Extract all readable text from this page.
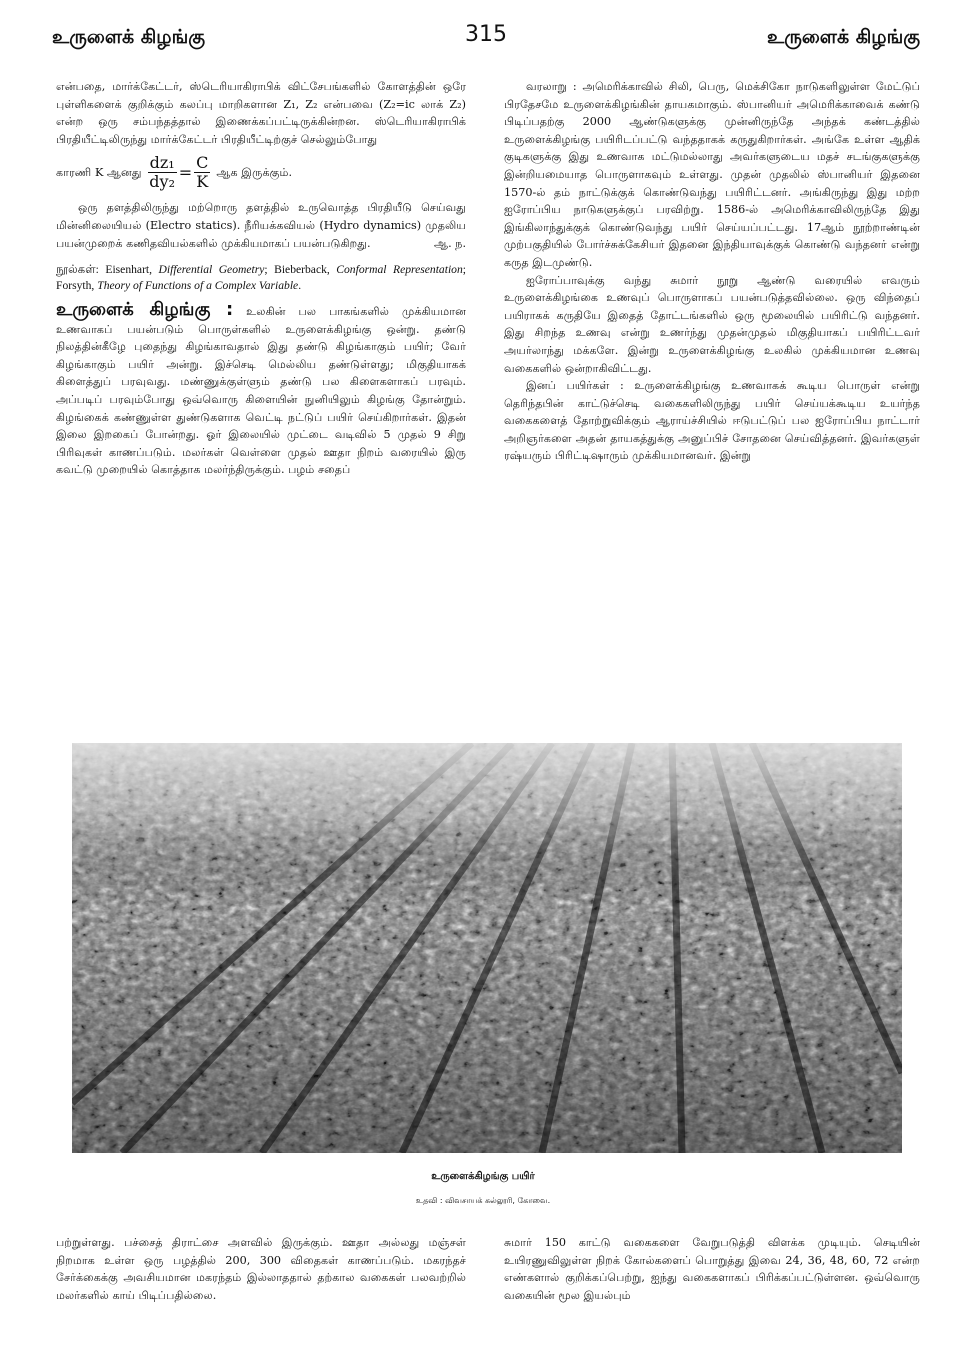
உருளைக் கிழங்கு	315	உருளைக் கிழங்கு

என்பதை, மார்க்கேட்டர், ஸ்டெரியாகிராபிக் விட்சேபங்களில் கோளத்தின் ஒரே புள்ளிகளைக் குறிக்கும் கலப்பு மாறிகளான Z₁, Z₂ என்பவை (Z₂=ic லாக் Z₂) என்ற ஒரு சம்பந்தத்தால் இணைக்கப்பட்டிருக்கின்றன. ஸ்டெரியாகிராபிக் பிரதியீட்டிலிருந்து மார்க்கேட்டர் பிரதியீட்டிற்குச் செல்லும்போது

காரணி K ஆனது $\frac{\text{dz₁}}{\text{dy₂}} = \frac{C}{K}$ ஆக இருக்கும்.

ஒரு தளத்திலிருந்து மற்றொரு தளத்தில் உருவொத்த பிரதியீடு செய்வது மின்னிலையியல் (Electro statics). நீரியக்கவியல் (Hydro dynamics) முதலிய பயன்முறைக் கணிதவியல்களில் முக்கியமாகப் பயன்படுகிறது.	ஆ. ந.

நூல்கள்: Eisenhart, Differential Geometry; Bieberback, Conformal Representation; Forsyth, Theory of Functions of a Complex Variable.

உருளைக் கிழங்கு : உலகின் பல பாகங்களில் முக்கியமான உணவாகப் பயன்படும் பொருள்களில் உருளைக்கிழங்கு ஒன்று. தண்டு நிலத்தின்கீழே புதைந்து கிழங்காவதால் இது தண்டு கிழங்காகும் பயிர்; வேர் கிழங்காகும் பயிர் அன்று. இச்செடி மெல்லிய தண்டுள்ளது; மிகுதியாகக் கிளைத்துப் பரவுவது. மண்ணுக்குள்ளும் தண்டு பல கிளைகளாகப் பரவும். அப்படிப் பரவும்போது ஒவ்வொரு கிளையின் நுனியிலும் கிழங்கு தோன்றும். கிழங்கைக் கண்ணுள்ள துண்டுகளாக வெட்டி நட்டுப் பயிர் செய்கிறார்கள். இதன் இலை இறகைப் போன்றது. ஓர் இலையில் முட்டை வடிவில் 5 முதல் 9 சிறு பிரிவுகள் காணப்படும். மலர்கள் வெள்ளை முதல் ஊதா நிறம் வரையில் இரு கவட்டு முறையில் கொத்தாக மலர்ந்திருக்கும். பழம் சதைப்

வரலாறு : அமெரிக்காவில் சிலி, பெரு, மெக்சிகோ நாடுகளிலுள்ள மேட்டுப் பிரதேசமே உருளைக்கிழங்கின் தாயகமாகும். ஸ்பானியர் அமெரிக்காவைக் கண்டு பிடிப்பதற்கு 2000 ஆண்டுகளுக்கு முன்னிருந்தே அந்தக் கண்டத்தில் உருளைக்கிழங்கு பயிரிடப்பட்டு வந்ததாகக் கருதுகிறார்கள். அங்கே உள்ள ஆதிக் குடிகளுக்கு இது உணவாக மட்டுமல்லாது அவர்களுடைய மதச் சடங்குகளுக்கு இன்றியமையாத பொருளாகவும் உள்ளது. முதன் முதலில் ஸ்பானியர் இதனை 1570-ல் தம் நாட்டுக்குக் கொண்டுவந்து பயிரிட்டனர். அங்கிருந்து இது மற்ற ஐரோப்பிய நாடுகளுக்குப் பரவிற்று. 1586-ல் அமெரிக்காவிலிருந்தே இது இங்கிலாந்துக்குக் கொண்டுவந்து பயிர் செய்யப்பட்டது. 17ஆம் நூற்றாண்டின் முற்பகுதியில் போர்ச்சுக்கேசியர் இதனை இந்தியாவுக்குக் கொண்டு வந்தனர் என்று கருத இடமுண்டு.

ஐரோப்பாவுக்கு வந்து சுமார் நூறு ஆண்டு வரையில் எவரும் உருளைக்கிழங்கை உணவுப் பொருளாகப் பயன்படுத்தவில்லை. ஒரு விந்தைப் பயிராகக் கருதியே இதைத் தோட்டங்களில் ஒரு மூலையில் பயிரிட்டு வந்தனர். இது சிறந்த உணவு என்று உணர்ந்து முதன்முதல் மிகுதியாகப் பயிரிட்டவர் அயர்லாந்து மக்களே. இன்று உருளைக்கிழங்கு உலகில் முக்கியமான உணவு வகைகளில் ஒன்றாகிவிட்டது.

இனப் பயிர்கள் : உருளைக்கிழங்கு உணவாகக் கூடிய பொருள் என்று தெரிந்தபின் காட்டுச்செடி வகைகளிலிருந்து பயிர் செய்யக்கூடிய உயர்ந்த வகைகளைத் தோற்றுவிக்கும் ஆராய்ச்சியில் ஈடுபட்டுப் பல ஐரோப்பிய நாட்டார் அறிஞர்களை அதன் தாயகத்துக்கு அனுப்பிச் சோதனை செய்வித்தனர். இவர்களுள் ரஷ்யரும் பிரிட்டிஷாரும் முக்கியமானவர். இன்று

உருளைக்கிழங்கு பயிர்
உதவி : விவசாயக் கல்லூரி, கோவை.

பற்றுள்ளது. பச்சைத் திராட்சை அளவில் இருக்கும். ஊதா அல்லது மஞ்சள் நிறமாக உள்ள ஒரு பழத்தில் 200, 300 விதைகள் காணப்படும். மகரந்தச் சேர்க்கைக்கு அவசியமான மகரந்தம் இல்லாததால் தற்கால வகைகள் பலவற்றில் மலர்களில் காய் பிடிப்பதில்லை.

சுமார் 150 காட்டு வகைகளை வேறுபடுத்தி விளக்க முடியும். செடியின் உயிரணுவிலுள்ள நிறக் கோல்களைப் பொறுத்து இவை 24, 36, 48, 60, 72 என்ற எண்களால் குறிக்கப்பெற்று, ஐந்து வகைகளாகப் பிரிக்கப்பட்டுள்ளன. ஒவ்வொரு வகையின் மூல இயல்பும்
